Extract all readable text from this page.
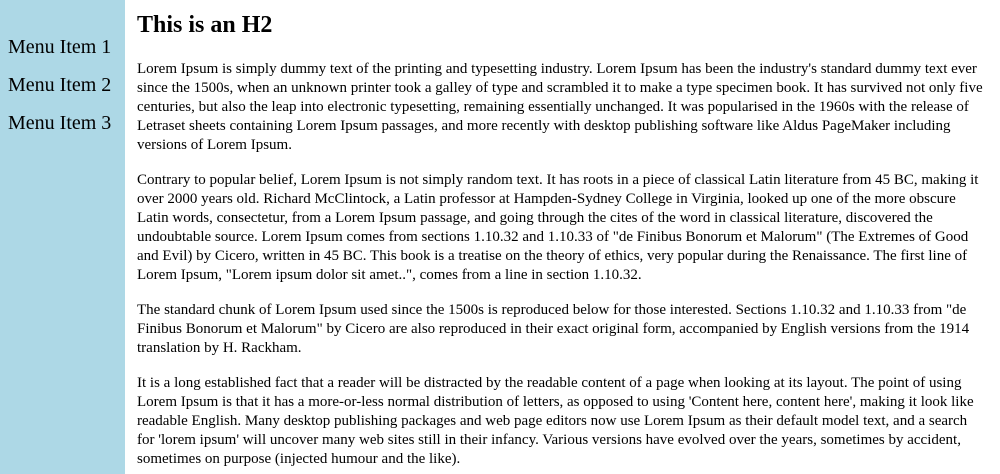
Menu Item 1
Menu Item 2
Menu Item 3
This is an H2

Lorem Ipsum is simply dummy text of the printing and typesetting industry. Lorem Ipsum has been the industry's standard dummy text ever since the 1500s, when an unknown printer took a galley of type and scrambled it to make a type specimen book. It has survived not only five centuries, but also the leap into electronic typesetting, remaining essentially unchanged. It was popularised in the 1960s with the release of Letraset sheets containing Lorem Ipsum passages, and more recently with desktop publishing software like Aldus PageMaker including versions of Lorem Ipsum.

Contrary to popular belief, Lorem Ipsum is not simply random text. It has roots in a piece of classical Latin literature from 45 BC, making it over 2000 years old. Richard McClintock, a Latin professor at Hampden-Sydney College in Virginia, looked up one of the more obscure Latin words, consectetur, from a Lorem Ipsum passage, and going through the cites of the word in classical literature, discovered the undoubtable source. Lorem Ipsum comes from sections 1.10.32 and 1.10.33 of "de Finibus Bonorum et Malorum" (The Extremes of Good and Evil) by Cicero, written in 45 BC. This book is a treatise on the theory of ethics, very popular during the Renaissance. The first line of Lorem Ipsum, "Lorem ipsum dolor sit amet..", comes from a line in section 1.10.32.

The standard chunk of Lorem Ipsum used since the 1500s is reproduced below for those interested. Sections 1.10.32 and 1.10.33 from "de Finibus Bonorum et Malorum" by Cicero are also reproduced in their exact original form, accompanied by English versions from the 1914 translation by H. Rackham.

It is a long established fact that a reader will be distracted by the readable content of a page when looking at its layout. The point of using Lorem Ipsum is that it has a more-or-less normal distribution of letters, as opposed to using 'Content here, content here', making it look like readable English. Many desktop publishing packages and web page editors now use Lorem Ipsum as their default model text, and a search for 'lorem ipsum' will uncover many web sites still in their infancy. Various versions have evolved over the years, sometimes by accident, sometimes on purpose (injected humour and the like).
